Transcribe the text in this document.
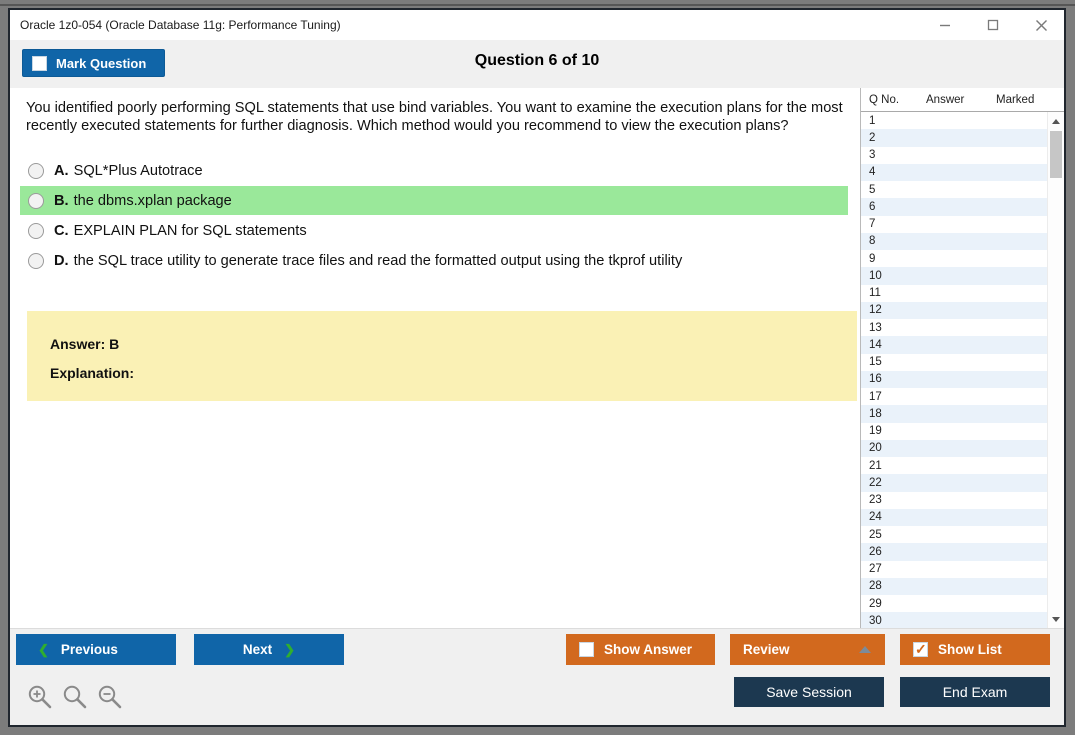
Oracle 1z0-054 (Oracle Database 11g: Performance Tuning)
Mark Question	Question 6 of 10

You identified poorly performing SQL statements that use bind variables. You want to examine the execution plans for the most recently executed statements for further diagnosis. Which method would you recommend to view the execution plans?

A. SQL*Plus Autotrace
B. the dbms.xplan package
C. EXPLAIN PLAN for SQL statements
D. the SQL trace utility to generate trace files and read the formatted output using the tkprof utility
Answer: B
Explanation:
Q No.	Answer	Marked
1
2
3
4
5
6
7
8
9
10
11
12
13
14
15
16
17
18
19
20
21
22
23
24
25
26
27
28
29
30
❮ Previous	Next ❯	Show Answer	Review ✓	Show List
Save Session	End Exam
